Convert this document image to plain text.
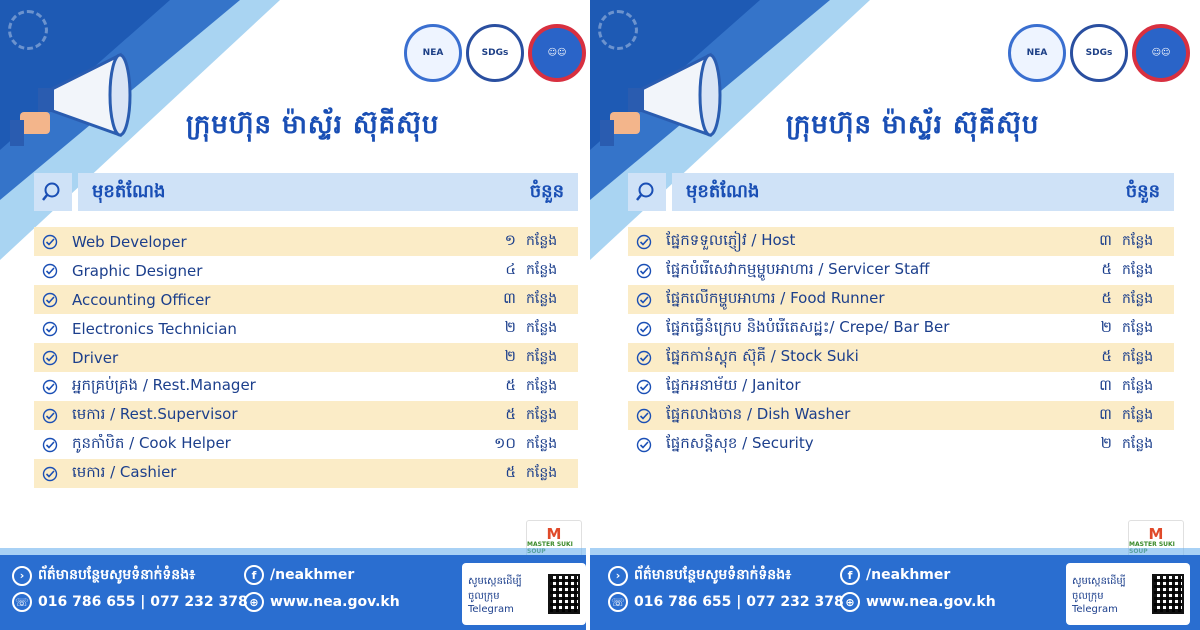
NEA	SDGs	☺☺
ក្រុមហ៊ុន ម៉ាស្ទ័រ ស៊ុគីស៊ុប
មុខតំណែង	ចំនួន
Web Developer	១ កន្លែង
Graphic Designer	៤ កន្លែង
Accounting Officer	៣ កន្លែង
Electronics Technician	២ កន្លែង
Driver	២ កន្លែង
អ្នកគ្រប់គ្រង / Rest.Manager	៥ កន្លែង
មេការ / Rest.Supervisor	៥ កន្លែង
កូនកាំបិត / Cook Helper	១០ កន្លែង
មេការ / Cashier	៥ កន្លែង
M
MASTER SUKI
› ព័ត៌មានបន្ថែមសូមទំនាក់ទំនង៖
☏ 016 786 655 | 077 232 378
f /neakhmer
⊕ www.nea.gov.kh
សូមស្កេនដើម្បី
ចូលក្រុម Telegram
NEA	SDGs	☺☺
ក្រុមហ៊ុន ម៉ាស្ទ័រ ស៊ុគីស៊ុប
មុខតំណែង	ចំនួន
ផ្នែកទទួលភ្ញៀវ / Host	៣ កន្លែង
ផ្នែកបំរើសេវាកម្មម្ហូបអាហារ / Servicer Staff	៥ កន្លែង
ផ្នែកលើកម្ហូបអាហារ / Food Runner	៥ កន្លែង
ផ្នែកធ្វើនំក្រេប និងបំរើតេសដ្ឋះ/ Crepe/ Bar Ber	២ កន្លែង
ផ្នែកកាន់ស្តុក ស៊ុគី / Stock Suki	៥ កន្លែង
ផ្នែកអនាម័យ / Janitor	៣ កន្លែង
ផ្នែកលាងចាន / Dish Washer	៣ កន្លែង
ផ្នែកសន្តិសុខ / Security	២ កន្លែង
M
MASTER SUKI
› ព័ត៌មានបន្ថែមសូមទំនាក់ទំនង៖
☏ 016 786 655 | 077 232 378
f /neakhmer
⊕ www.nea.gov.kh
សូមស្កេនដើម្បី
ចូលក្រុម Telegram
